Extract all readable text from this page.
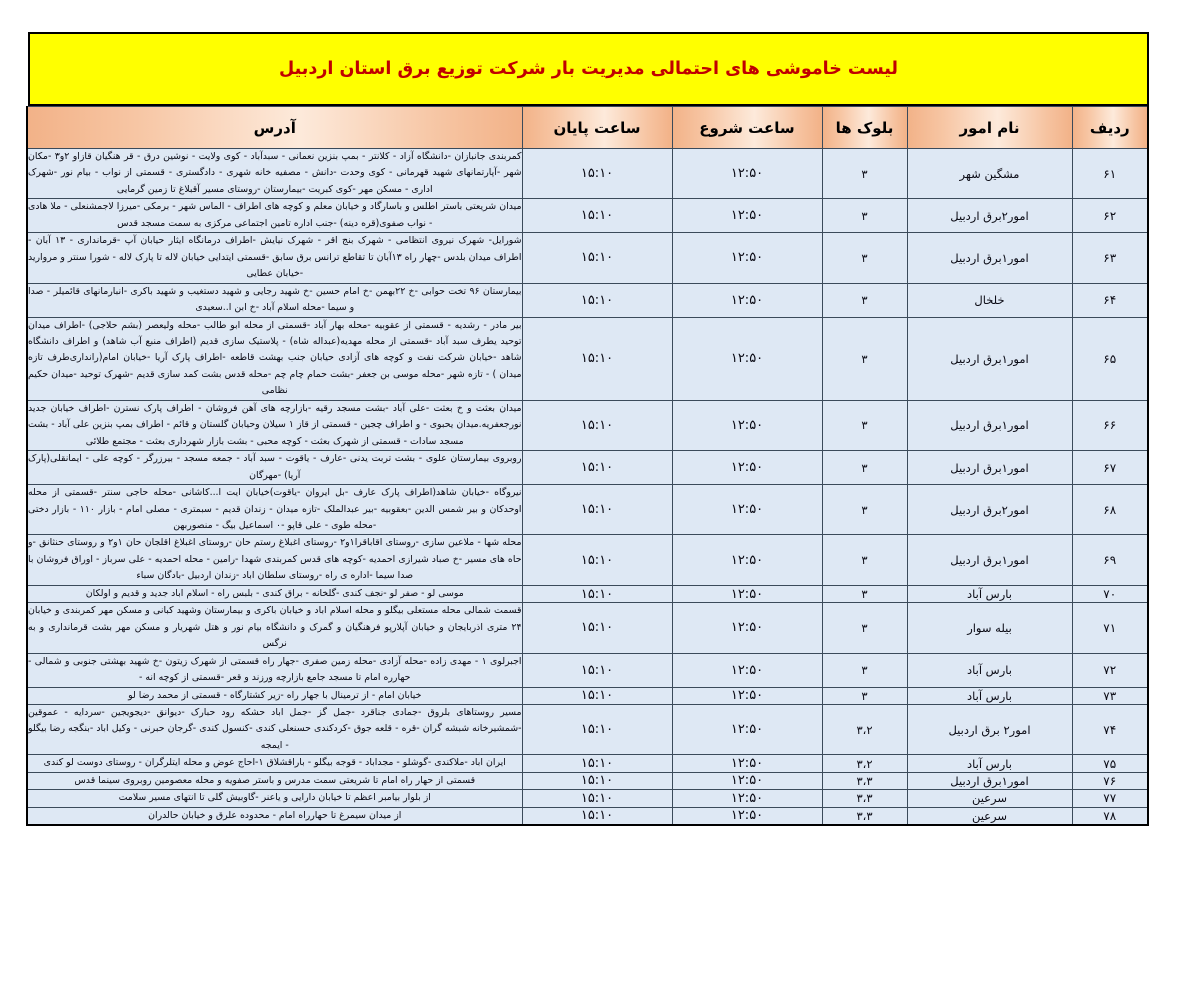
لیست خاموشی های احتمالی مدیریت بار شرکت توزیع برق استان اردبیل
ردیف	نام امور	بلوک ها	ساعت شروع	ساعت پایان	آدرس
۶۱	مشگین شهر	۳	۱۲:۵۰	۱۵:۱۰	کمربندی جانبازان -دانشگاه آزاد - کلانتر - بمپ بنزین نعمانی - سبدآباد - کوی ولایت - نوشین درق - قر هنگیان قازاو ۲و۳ -مکان شهر -آپارتمانهای شهید قهرمانی - کوی وحدت -دانش - مصفیه خانه شهری - دادگستری - قسمتی از نواب - بیام نور -شهرک اداری - مسکن مهر -کوی کبریت -بیمارستان -روستای مسیر آقبلاغ تا زمین گرمایی
۶۲	امور۲برق اردبیل	۳	۱۲:۵۰	۱۵:۱۰	میدان شریعتی باستر اطلس و باسارگاد و خیابان معلم و کوچه های اطراف - الماس شهر - برمکی -میرزا لاجمشنعلی - ملا هادی - نواب صفوی(قره دینه) -جنب اداره تامین اجتماعی مرکزی به سمت مسجد قدس
۶۳	امور۱برق اردبیل	۳	۱۲:۵۰	۱۵:۱۰	شورایل- شهرک نیروی انتظامی - شهرک بنج اقر - شهرک نیایش -اطراف درمانگاه ایثار حیابان آپ -قرمانداری - ۱۳ آبان - اطراف میدان بلدس -چهار راه ۱۳آبان تا تقاطع ترانس برق سابق -قسمتی ایتدایی خیابان لاله تا پارک لاله - شورا سنتر و مروارید -خیابان عطایی
۶۴	خلخال	۳	۱۲:۵۰	۱۵:۱۰	بیمارستان ۹۶ تخت حوابی -خ ۲۲بهمن -خ امام حسین -خ شهید رجایی و شهید دستغیب و شهید باکری -انبارمانهای قائمیلر - صدا و سیما -محله اسلام آباد -خ ابن ا..سعیدی
۶۵	امور۱برق اردبیل	۳	۱۲:۵۰	۱۵:۱۰	بیر مادر - رشدیه - قسمتی از عقوبیه -محله بهار آباد -قسمتی از محله ابو طالب -محله ولیعصر (بشم حلاجی) -اطراف میدان توحید یطرف سبد آباد -قسمتی از محله مهدیه(عبداله شاه) - پلاستیک سازی قدیم (اطراف منبع آب شاهد) و اطراف دانشگاه شاهد -خیابان شرکت نفت و کوچه های آزادی حیابان جنب بهشت قاطعه -اطراف پارک آریا -خیابان امام(رانداری‌طرف تازه میدان ) - تازه شهر -محله موسی بن جعفر -بشت حمام چام چم -محله قدس بشت کمد سازی قدیم -شهرک توحید -میدان حکیم نظامی
۶۶	امور۱برق اردبیل	۳	۱۲:۵۰	۱۵:۱۰	میدان بعثت و خ بعثت -علی آباد -بشت مسجد رقیه -بازارچه های آهن فروشان - اطراف پارک نسترن -اطراف خیابان جدید نورجعفریه.میدان یحبوی - و اطراف چجین - قسمتی از قاز ۱ سیلان وحیابان گلستان و قائم - اطراف بمپ بنزین علی آباد - بشت مسجد سادات - قسمتی از شهرک بعثت - کوچه محبی - بشت بازار شهرداری بعثت - مجتمع طلائی
۶۷	امور۱برق اردبیل	۳	۱۲:۵۰	۱۵:۱۰	روبروی بیمارستان علوی - بشت تربت یدنی -عارف - یاقوت - سبد آباد - جمعه مسجد - بیرزرگر - کوچه علی - ایمانقلی(پارک آریا) -مهرگان
۶۸	امور۲برق اردبیل	۳	۱۲:۵۰	۱۵:۱۰	نیروگاه -خیابان شاهد(اطراف پارک عارف -بل ایروان -یاقوت)خیابان ایت ا...کاشانی -محله حاجی سنتر -قسمتی از محله اوحدکان و بیر شمس الدین -بعقوبیه -بیر عبدالملک -تازه میدان - زندان قدیم - سبمتری - مصلی امام - بازار ۱۱۰ - بازار دختی -محله طوی - علی قاپو -۰ اسماعیل بیگ - منصوربهن
۶۹	امور۱برق اردبیل	۳	۱۲:۵۰	۱۵:۱۰	محله شها - ملاعین سازی -روستای اقاباقرا۱و۲ -روستای اغبلاغ رستم حان -روستای اغبلاغ اقلجان حان ۱و۲ و روستای حنثانق -و حاه های مسیر -خ صباد شیرازی احمدیه -کوچه های قدس کمربندی شهدا -رامین - محله احمدیه - علی سرباز - اوراق فروشان با صدا سیما -اداره ی راه -روستای سلطان اباد -زندان اردبیل -بادگان سباء
۷۰	بارس آباد	۳	۱۲:۵۰	۱۵:۱۰	موسی لو - صفر لو -نجف کندی -گلخانه - براق کندی - بلبس راه - اسلام اباد جدید و قدیم و اولکان
۷۱	بیله سوار	۳	۱۲:۵۰	۱۵:۱۰	قسمت شمالی محله مستعلی بیگلو و محله اسلام اباد و خیابان باکری و بیمارستان وشهید کبانی و مسکن مهر کمربندی و خیابان ۲۴ متری اذربایجان و خیابان آپلارپو فرهنگیان و گمرک و دانشگاه بیام نور و هتل شهریار و مسکن مهر بشت قرمانداری و به نرگس
۷۲	بارس آباد	۳	۱۲:۵۰	۱۵:۱۰	اجبرلوی ۱ - مهدی زاده -محله آزادی -محله زمین صفری -جهار راه قسمتی از شهرک زیتون -خ شهید بهشتی جنوبی و شمالی - حهارره امام تا مسجد جامع بازارچه ورزند و قعر -قسمتی از کوچه انه -
۷۳	بارس آباد	۳	۱۲:۵۰	۱۵:۱۰	خیابان امام - از ترمینال با جهار راه -زیر کشتارگاه - قسمتی از محمد رضا لو
۷۴	امور۲ برق اردبیل	۳،۲	۱۲:۵۰	۱۵:۱۰	مسیر روستاهای بلروق -جمادی جناقرد -جمل گز -جمل اباد حشکه رود حبارک -دیوانق -دیجویجین -سردایه - عموقین -شمشیرخانه شبشه گران -قره - قلعه جوق -کردکندی حسنعلی کندی -کنسول کندی -گرجان حبرنی - وکیل اباد -بنگجه رضا بیگلو - ایمجه
۷۵	بارس آباد	۳،۲	۱۲:۵۰	۱۵:۱۰	ایران اباد -ملاکندی -گوشلو - مجداباد - قوجه بیگلو - باراقشلاق ۱-احاج عوض و محله ایتلرگران - روستای دوست لو کندی
۷۶	امور۱برق اردبیل	۳،۳	۱۲:۵۰	۱۵:۱۰	قسمتی از حهار راه امام تا شریعتی سمت مدرس و باستر صفویه و محله معصومین روبروی سینما قدس
۷۷	سرعین	۳،۳	۱۲:۵۰	۱۵:۱۰	از بلوار بیامبر اعظم تا خیابان دارایی و یاعنر -گاوبیش گلی تا انتهای مسیر سلامت
۷۸	سرعین	۳،۳	۱۲:۵۰	۱۵:۱۰	از میدان سیمرغ تا حهارراه امام - محدوده علرق و خیابان حالدران
